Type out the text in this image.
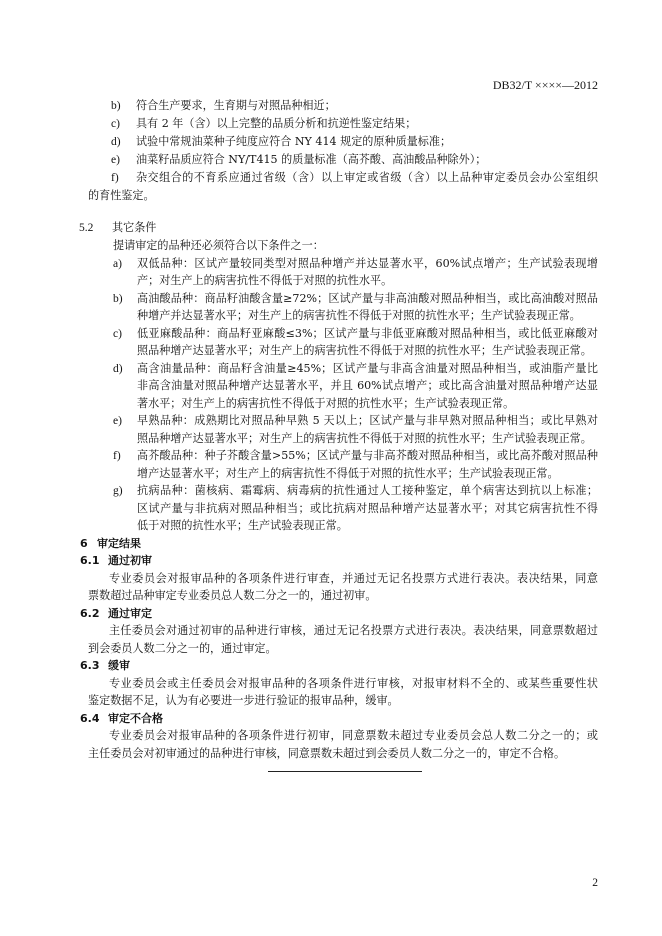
DB32/T ××××—2012
b) 符合生产要求，生育期与对照品种相近；
c) 具有 2 年（含）以上完整的品质分析和抗逆性鉴定结果；
d) 试验中常规油菜种子纯度应符合 NY 414 规定的原种质量标准；
e) 油菜籽品质应符合 NY/T415 的质量标准（高芥酸、高油酸品种除外）；
f) 杂交组合的不育系应通过省级（含）以上审定或省级（含）以上品种审定委员会办公室组织
的育性鉴定。
5.2 其它条件
提请审定的品种还必须符合以下条件之一：
a) 双低品种：区试产量较同类型对照品种增产并达显著水平，60%试点增产；生产试验表现增
产；对生产上的病害抗性不得低于对照的抗性水平。
b) 高油酸品种：商品籽油酸含量≥72%；区试产量与非高油酸对照品种相当，或比高油酸对照品
种增产并达显著水平；对生产上的病害抗性不得低于对照的抗性水平；生产试验表现正常。
c) 低亚麻酸品种：商品籽亚麻酸≤3%；区试产量与非低亚麻酸对照品种相当，或比低亚麻酸对
照品种增产达显著水平；对生产上的病害抗性不得低于对照的抗性水平；生产试验表现正常。
d) 高含油量品种：商品籽含油量≥45%；区试产量与非高含油量对照品种相当，或油脂产量比
非高含油量对照品种增产达显著水平，并且 60%试点增产；或比高含油量对照品种增产达显
著水平；对生产上的病害抗性不得低于对照的抗性水平；生产试验表现正常。
e) 早熟品种：成熟期比对照品种早熟 5 天以上；区试产量与非早熟对照品种相当；或比早熟对
照品种增产达显著水平；对生产上的病害抗性不得低于对照的抗性水平；生产试验表现正常。
f) 高芥酸品种：种子芥酸含量>55%；区试产量与非高芥酸对照品种相当，或比高芥酸对照品种
增产达显著水平；对生产上的病害抗性不得低于对照的抗性水平；生产试验表现正常。
g) 抗病品种：菌核病、霜霉病、病毒病的抗性通过人工接种鉴定，单个病害达到抗以上标准；
区试产量与非抗病对照品种相当；或比抗病对照品种增产达显著水平；对其它病害抗性不得
低于对照的抗性水平；生产试验表现正常。
6 审定结果
6.1 通过初审
专业委员会对报审品种的各项条件进行审查，并通过无记名投票方式进行表决。表决结果，同意
票数超过品种审定专业委员总人数二分之一的，通过初审。
6.2 通过审定
主任委员会对通过初审的品种进行审核，通过无记名投票方式进行表决。表决结果，同意票数超过
到会委员人数二分之一的，通过审定。
6.3 缓审
专业委员会或主任委员会对报审品种的各项条件进行审核，对报审材料不全的、或某些重要性状
鉴定数据不足，认为有必要进一步进行验证的报审品种，缓审。
6.4 审定不合格
专业委员会对报审品种的各项条件进行初审，同意票数未超过专业委员会总人数二分之一的；或
主任委员会对初审通过的品种进行审核，同意票数未超过到会委员人数二分之一的，审定不合格。
2
